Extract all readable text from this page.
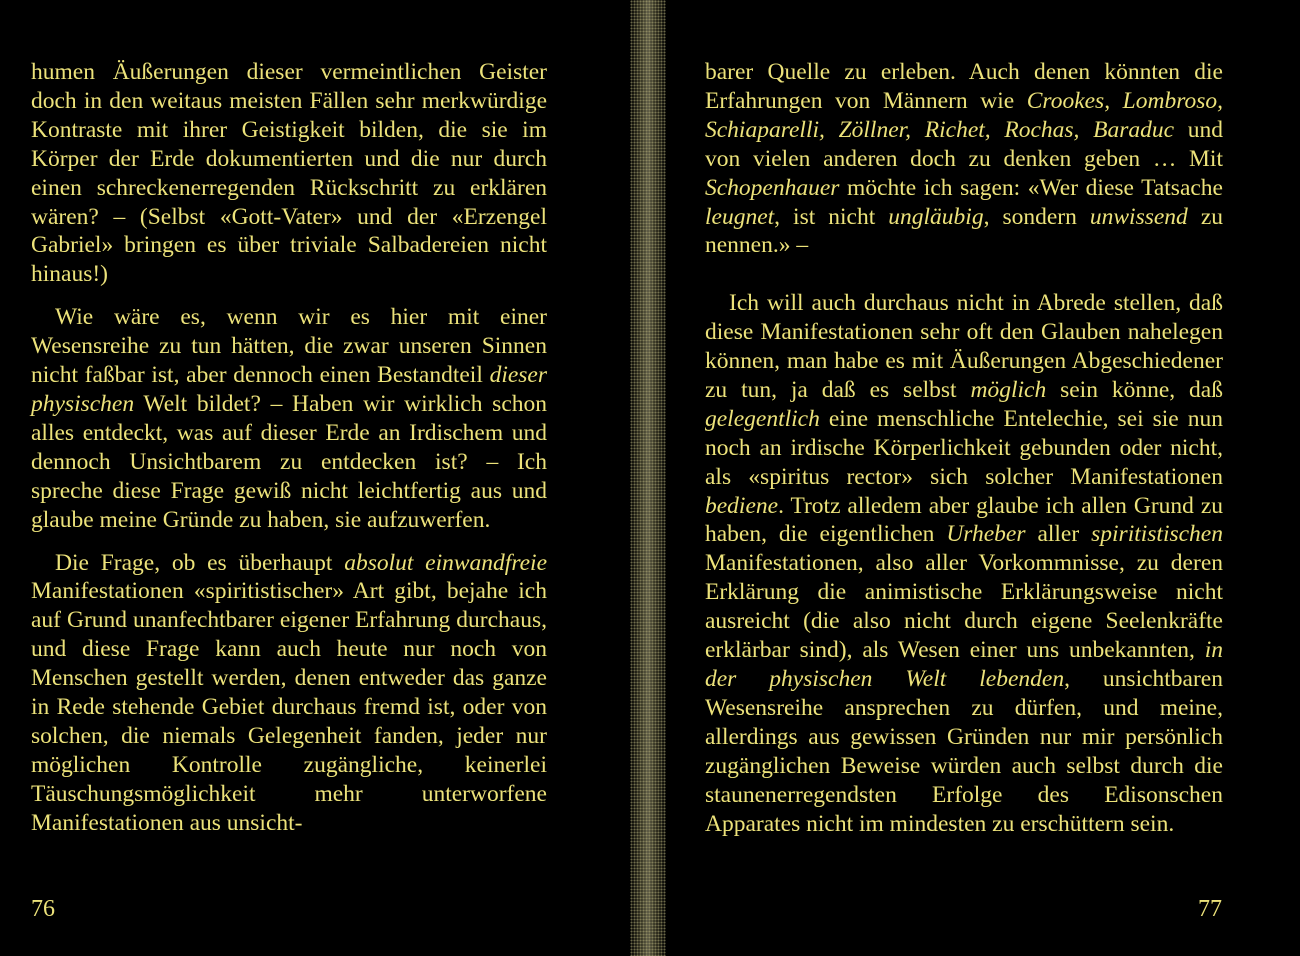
humen Äußerungen dieser vermeintlichen Geister doch in den weitaus meisten Fällen sehr merkwürdige Kontraste mit ihrer Geistigkeit bilden, die sie im Körper der Erde dokumentierten und die nur durch einen schreckenerregenden Rückschritt zu erklären wären? – (Selbst «Gott-Vater» und der «Erzengel Gabriel» bringen es über triviale Salbadereien nicht hinaus!)

Wie wäre es, wenn wir es hier mit einer Wesensreihe zu tun hätten, die zwar unseren Sinnen nicht faßbar ist, aber dennoch einen Bestandteil dieser physischen Welt bildet? – Haben wir wirklich schon alles entdeckt, was auf dieser Erde an Irdischem und dennoch Unsichtbarem zu entdecken ist? – Ich spreche diese Frage gewiß nicht leichtfertig aus und glaube meine Gründe zu haben, sie aufzuwerfen.

Die Frage, ob es überhaupt absolut einwandfreie Manifestationen «spiritistischer» Art gibt, bejahe ich auf Grund unanfechtbarer eigener Erfahrung durchaus, und diese Frage kann auch heute nur noch von Menschen gestellt werden, denen entweder das ganze in Rede stehende Gebiet durchaus fremd ist, oder von solchen, die niemals Gelegenheit fanden, jeder nur möglichen Kontrolle zugängliche, keinerlei Täuschungsmöglichkeit mehr unterworfene Manifestationen aus unsicht-

barer Quelle zu erleben. Auch denen könnten die Erfahrungen von Männern wie Crookes, Lombroso, Schiaparelli, Zöllner, Richet, Rochas, Baraduc und von vielen anderen doch zu denken geben … Mit Schopenhauer möchte ich sagen: «Wer diese Tatsache leugnet, ist nicht ungläubig, sondern unwissend zu nennen.» –

Ich will auch durchaus nicht in Abrede stellen, daß diese Manifestationen sehr oft den Glauben nahelegen können, man habe es mit Äußerungen Abgeschiedener zu tun, ja daß es selbst möglich sein könne, daß gelegentlich eine menschliche Entelechie, sei sie nun noch an irdische Körperlichkeit gebunden oder nicht, als «spiritus rector» sich solcher Manifestationen bediene. Trotz alledem aber glaube ich allen Grund zu haben, die eigentlichen Urheber aller spiritistischen Manifestationen, also aller Vorkommnisse, zu deren Erklärung die animistische Erklärungsweise nicht ausreicht (die also nicht durch eigene Seelenkräfte erklärbar sind), als Wesen einer uns unbekannten, in der physischen Welt lebenden, unsichtbaren Wesensreihe ansprechen zu dürfen, und meine, allerdings aus gewissen Gründen nur mir persönlich zugänglichen Beweise würden auch selbst durch die staunenerregendsten Erfolge des Edisonschen Apparates nicht im mindesten zu erschüttern sein.

76	77
